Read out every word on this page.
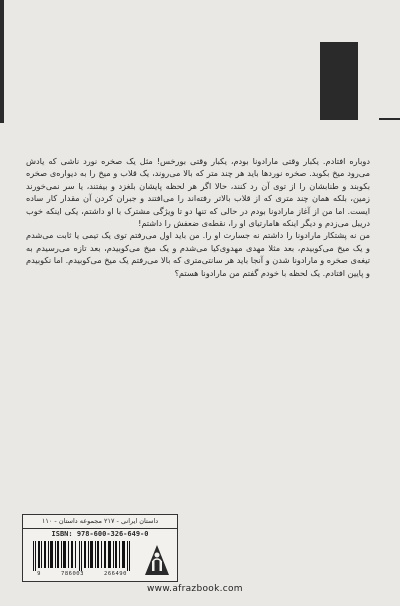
دوباره افتادم. یکبار وقتی مارادونا بودم، یکبار وقتی بورخس! مثل یک صخره نورد ناشی که یادش می‌رود میخ بکوبد. صخره نوردها باید هر چند متر که بالا می‌روند، یک قلاب و میخ را به دیواره‌ی صخره بکوبند و طنابشان را از توی آن رد کنند، حالا اگر هر لحظه پایشان بلغزد و بیفتند، یا سر نمی‌خورند زمین، بلکه همان چند متری که از قلاب بالاتر رفته‌اند را می‌افتند و جبران کردن آن مقدار کار ساده ایست. اما من از آغاز مارادونا بودم در حالی که تنها دو تا ویژگی مشترک با او داشتم، یکی اینکه خوب دریبل می‌زدم و دیگر اینکه هامارتیای او را، نقطه‌ی ضعفش را داشتم!

من نه پشتکار مارادونا را داشتم نه جسارت او را. من باید اول می‌رفتم توی یک تیمی یا ثابت می‌شدم و یک میخ می‌کوبیدم، بعد مثلا مهدی مهدوی‌کیا می‌شدم و یک میخ می‌کوبیدم، بعد تازه می‌رسیدم به تیغه‌ی صخره و مارادونا شدن و آنجا باید هر سانتی‌متری که بالا می‌رفتم یک میخ می‌کوبیدم. اما نکوبیدم و پایین افتادم. یک لحظه با خودم گفتم من مارادونا هستم؟

داستان ایرانی - ۲۱۷ مجموعه داستان - ۱۱۰
ISBN: 978-600-326-649-0
9	786003	266490
www.afrazbook.com
